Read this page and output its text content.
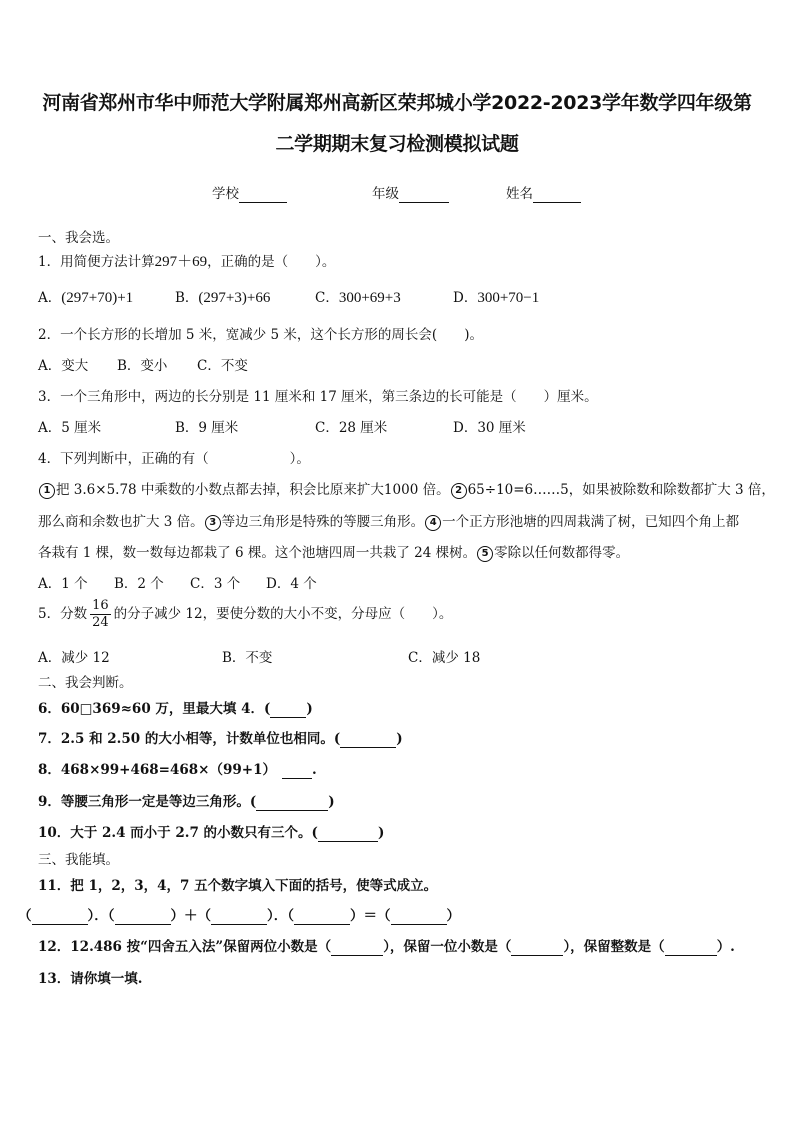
河南省郑州市华中师范大学附属郑州高新区荣邦城小学2022-2023学年数学四年级第
二学期期末复习检测模拟试题
学校	年级	姓名
一、我会选。
1．用简便方法计算297＋69，正确的是（　　）。
A．(297+70)+1	B．(297+3)+66	C．300+69+3	D．300+70−1
2．一个长方形的长增加 5 米，宽减少 5 米，这个长方形的周长会(　　)。
A．变大 B．变小 C．不变
3．一个三角形中，两边的长分别是 11 厘米和 17 厘米，第三条边的长可能是（　　）厘米。
A．5 厘米	B．9 厘米	C．28 厘米	D．30 厘米
4．下列判断中，正确的有（　　　　　　）。
1 把 3.6×5.78 中乘数的小数点都去掉，积会比原来扩大1000 倍。 2 65÷10=6……5，如果被除数和除数都扩大 3 倍，
那么商和余数也扩大 3 倍。 3 等边三角形是特殊的等腰三角形。 4 一个正方形池塘的四周栽满了树，已知四个角上都
各栽有 1 棵，数一数每边都栽了 6 棵。这个池塘四周一共栽了 24 棵树。 5 零除以任何数都得零。
A．1 个 B．2 个 C．3 个 D．4 个
5．分数 $\frac{16}{24}$ 的分子减少 12，要使分数的大小不变，分母应（　　）。
A．减少 12	B．不变	C．减少 18
二、我会判断。
6．60□369≈60 万，里最大填 4．(	)
7．2.5 和 2.50 的大小相等，计数单位也相同。(	)
8．468×99+468=468×（99+1）	.
9．等腰三角形一定是等边三角形。(	)
10．大于 2.4 而小于 2.7 的小数只有三个。(	)
三、我能填。
11．把 1，2，3，4，7 五个数字填入下面的括号，使等式成立。
（	）．（	）＋（	）．（	）＝（	）
12．12.486 按“四舍五入法”保留两位小数是（	），保留一位小数是（	），保留整数是（	）.
13．请你填一填.
